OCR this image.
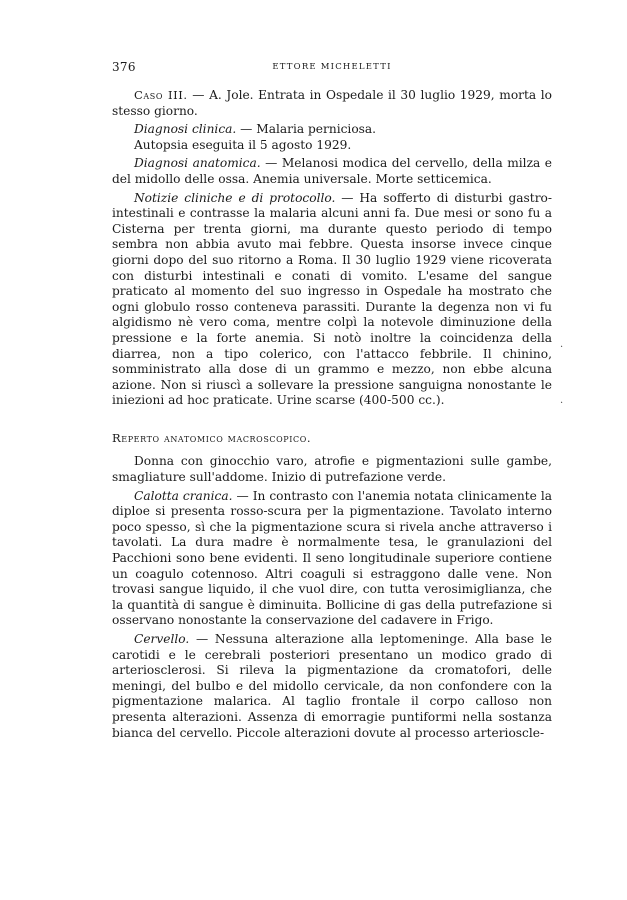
376	ETTORE MICHELETTI

Caso III. — A. Jole. Entrata in Ospedale il 30 luglio 1929, morta lo stesso giorno.

Diagnosi clinica. — Malaria perniciosa.

Autopsia eseguita il 5 agosto 1929.

Diagnosi anatomica. — Melanosi modica del cervello, della milza e del midollo delle ossa. Anemia universale. Morte setticemica.

Notizie cliniche e di protocollo. — Ha sofferto di disturbi gastro-intestinali e contrasse la malaria alcuni anni fa. Due mesi or sono fu a Cisterna per trenta giorni, ma durante questo periodo di tempo sembra non abbia avuto mai febbre. Questa insorse invece cinque giorni dopo del suo ritorno a Roma. Il 30 luglio 1929 viene ricoverata con disturbi intestinali e conati di vomito. L'esame del sangue praticato al momento del suo ingresso in Ospedale ha mostrato che ogni globulo rosso conteneva parassiti. Durante la degenza non vi fu algidismo nè vero coma, mentre colpì la notevole diminuzione della pressione e la forte anemia. Si notò inoltre la coincidenza della diarrea, non a tipo colerico, con l'attacco febbrile. Il chinino, somministrato alla dose di un grammo e mezzo, non ebbe alcuna azione. Non si riuscì a sollevare la pressione sanguigna nonostante le iniezioni ad hoc praticate. Urine scarse (400-500 cc.).

Reperto anatomico macroscopico.

Donna con ginocchio varo, atrofie e pigmentazioni sulle gambe, smagliature sull'addome. Inizio di putrefazione verde.

Calotta cranica. — In contrasto con l'anemia notata clinicamente la diploe si presenta rosso-scura per la pigmentazione. Tavolato interno poco spesso, sì che la pigmentazione scura si rivela anche attraverso i tavolati. La dura madre è normalmente tesa, le granulazioni del Pacchioni sono bene evidenti. Il seno longitudinale superiore contiene un coagulo cotennoso. Altri coaguli si estraggono dalle vene. Non trovasi sangue liquido, il che vuol dire, con tutta verosimiglianza, che la quantità di sangue è diminuita. Bollicine di gas della putrefazione si osservano nonostante la conservazione del cadavere in Frigo.

Cervello. — Nessuna alterazione alla leptomeninge. Alla base le carotidi e le cerebrali posteriori presentano un modico grado di arteriosclerosi. Si rileva la pigmentazione da cromatofori, delle meningi, del bulbo e del midollo cervicale, da non confondere con la pigmentazione malarica. Al taglio frontale il corpo calloso non presenta alterazioni. Assenza di emorragie puntiformi nella sostanza bianca del cervello. Piccole alterazioni dovute al processo arterioscle-

·
·
